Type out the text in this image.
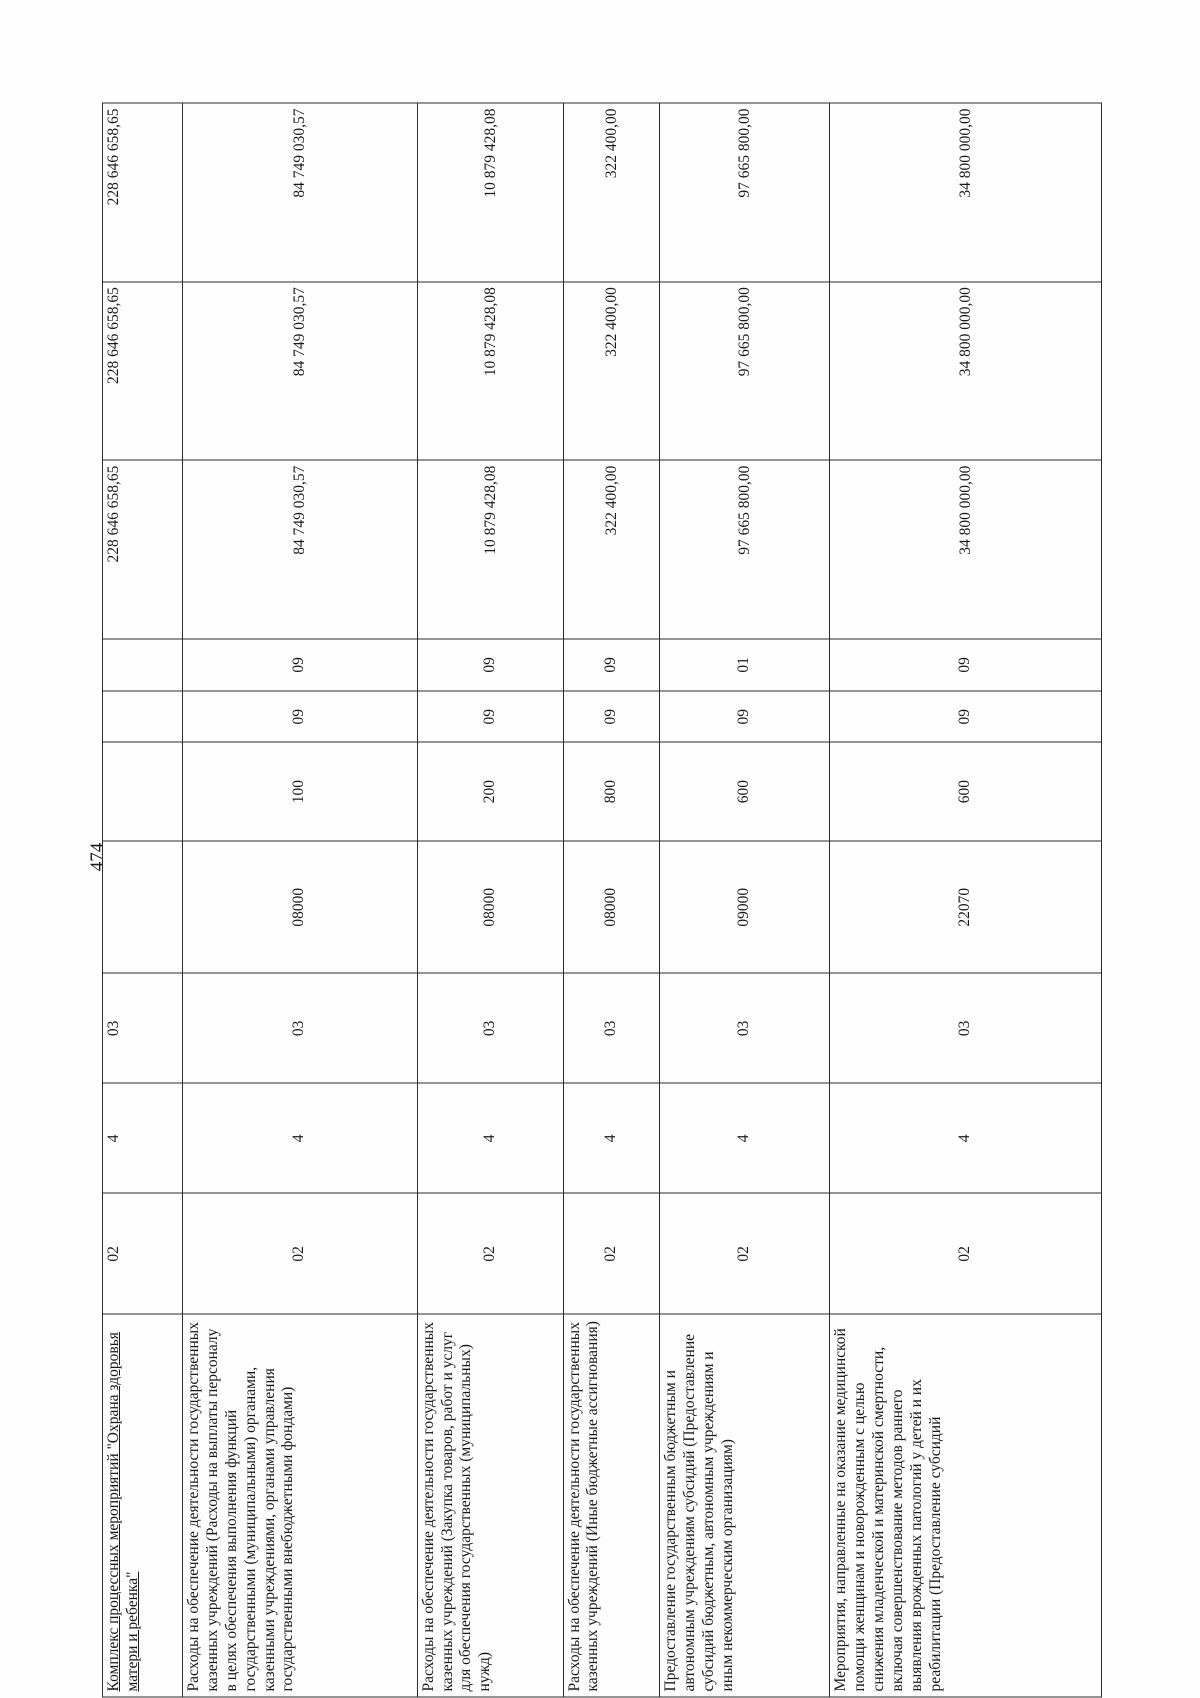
474
Комплекс процессных мероприятий "Охрана здоровья матери и ребенка"	02	4	03					228 646 658,65	228 646 658,65	228 646 658,65
Расходы на обеспечение деятельности государственных казенных учреждений (Расходы на выплаты персоналу в целях обеспечения выполнения функций государственными (муниципальными) органами, казенными учреждениями, органами управления государственными внебюджетными фондами)	02	4	03	08000	100	09	09	84 749 030,57	84 749 030,57	84 749 030,57
Расходы на обеспечение деятельности государственных казенных учреждений (Закупка товаров, работ и услуг для обеспечения государственных (муниципальных) нужд)	02	4	03	08000	200	09	09	10 879 428,08	10 879 428,08	10 879 428,08
Расходы на обеспечение деятельности государственных казенных учреждений (Иные бюджетные ассигнования)	02	4	03	08000	800	09	09	322 400,00	322 400,00	322 400,00
Предоставление государственным бюджетным и автономным учреждениям субсидий (Предоставление субсидий бюджетным, автономным учреждениям и иным некоммерческим организациям)	02	4	03	09000	600	09	01	97 665 800,00	97 665 800,00	97 665 800,00
Мероприятия, направленные на оказание медицинской помощи женщинам и новорожденным с целью снижения младенческой и материнской смертности, включая совершенствование методов раннего выявления врожденных патологий у детей и их реабилитации (Предоставление субсидий	02	4	03	22070	600	09	09	34 800 000,00	34 800 000,00	34 800 000,00
